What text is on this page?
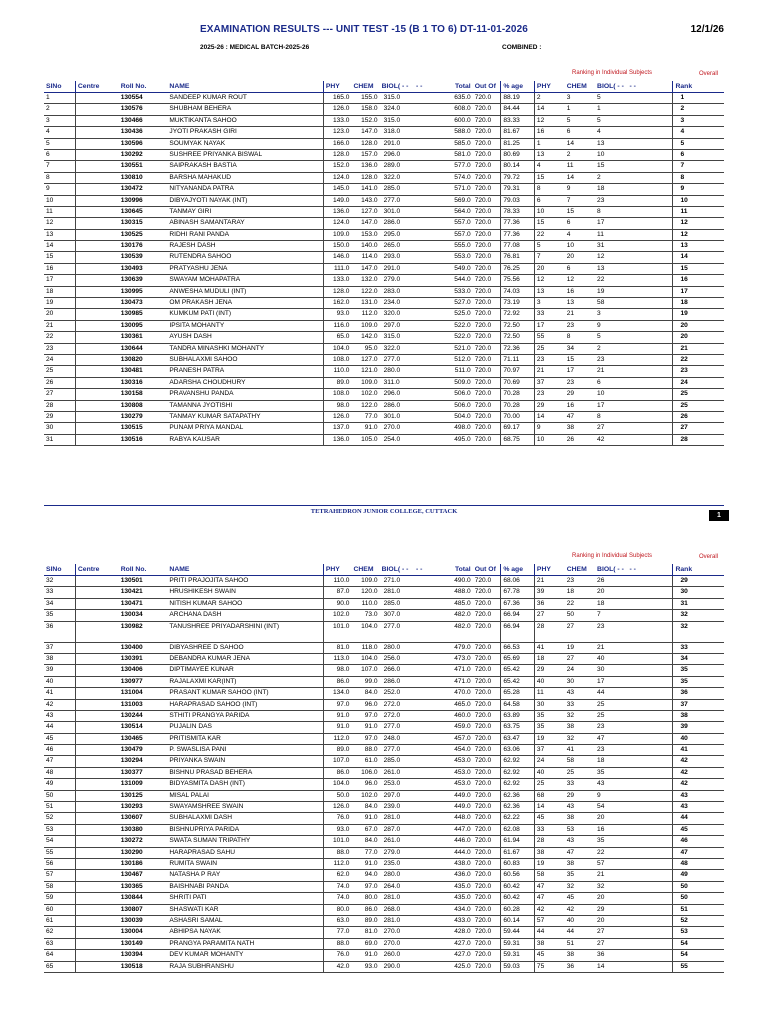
EXAMINATION RESULTS --- UNIT TEST -15 (B 1 TO 6) DT-11-01-2026	12/1/26
2025-26 : MEDICAL BATCH-2025-26	COMBINED :
Ranking in Individual Subjects	Overall
SlNo	Centre	Roll No.	NAME	PHY	CHEM	BIOL( - - - -	Total	Out Of	% age	PHY	CHEM	BIOL( - - - -	Rank
1		130554	SANDEEP KUMAR ROUT	165.0	155.0	315.0	635.0	720.0	88.19	2	3	5	1
2		130576	SHUBHAM BEHERA	126.0	158.0	324.0	608.0	720.0	84.44	14	1	1	2
3		130466	MUKTIKANTA SAHOO	133.0	152.0	315.0	600.0	720.0	83.33	12	5	5	3
4		130436	JYOTI PRAKASH GIRI	123.0	147.0	318.0	588.0	720.0	81.67	16	6	4	4
5		130596	SOUMYAK NAYAK	166.0	128.0	291.0	585.0	720.0	81.25	1	14	13	5
6		130292	SUSHREE PRIYANKA BISWAL	128.0	157.0	296.0	581.0	720.0	80.69	13	2	10	6
7		130551	SAIPRAKASH BASTIA	152.0	136.0	289.0	577.0	720.0	80.14	4	11	15	7
8		130810	BARSHA MAHAKUD	124.0	128.0	322.0	574.0	720.0	79.72	15	14	2	8
9		130472	NITYANANDA PATRA	145.0	141.0	285.0	571.0	720.0	79.31	8	9	18	9
10		130996	DIBYAJYOTI NAYAK (INT)	149.0	143.0	277.0	569.0	720.0	79.03	6	7	23	10
11		130645	TANMAY GIRI	136.0	127.0	301.0	564.0	720.0	78.33	10	15	8	11
12		130315	ABINASH SAMANTARAY	124.0	147.0	286.0	557.0	720.0	77.36	15	6	17	12
13		130525	RIDHI RANI PANDA	109.0	153.0	295.0	557.0	720.0	77.36	22	4	11	12
14		130176	RAJESH DASH	150.0	140.0	265.0	555.0	720.0	77.08	5	10	31	13
15		130539	RUTENDRA SAHOO	146.0	114.0	293.0	553.0	720.0	76.81	7	20	12	14
16		130493	PRATYASHU JENA	111.0	147.0	291.0	549.0	720.0	76.25	20	6	13	15
17		130639	SWAYAM MOHAPATRA	133.0	132.0	279.0	544.0	720.0	75.56	12	12	22	16
18		130995	ANWESHA MUDULI (INT)	128.0	122.0	283.0	533.0	720.0	74.03	13	16	19	17
19		130473	OM PRAKASH JENA	162.0	131.0	234.0	527.0	720.0	73.19	3	13	58	18
20		130985	KUMKUM PATI (INT)	93.0	112.0	320.0	525.0	720.0	72.92	33	21	3	19
21		130095	IPSITA MOHANTY	116.0	109.0	297.0	522.0	720.0	72.50	17	23	9	20
22		130361	AYUSH DASH	65.0	142.0	315.0	522.0	720.0	72.50	55	8	5	20
23		130644	TANDRA MINASHKI MOHANTY	104.0	95.0	322.0	521.0	720.0	72.36	25	34	2	21
24		130820	SUBHALAXMI SAHOO	108.0	127.0	277.0	512.0	720.0	71.11	23	15	23	22
25		130481	PRANESH PATRA	110.0	121.0	280.0	511.0	720.0	70.97	21	17	21	23
26		130316	ADARSHA CHOUDHURY	89.0	109.0	311.0	509.0	720.0	70.69	37	23	6	24
27		130158	PRAVANSHU PANDA	108.0	102.0	296.0	506.0	720.0	70.28	23	29	10	25
28		130808	TAMANNA JYOTISHI	98.0	122.0	286.0	506.0	720.0	70.28	29	16	17	25
29		130279	TANMAY KUMAR SATAPATHY	126.0	77.0	301.0	504.0	720.0	70.00	14	47	8	26
30		130515	PUNAM PRIYA MANDAL	137.0	91.0	270.0	498.0	720.0	69.17	9	38	27	27
31		130516	RABYA KAUSAR	136.0	105.0	254.0	495.0	720.0	68.75	10	26	42	28
TETRAHEDRON JUNIOR COLLEGE, CUTTACK
1
Ranking in Individual Subjects	Overall
SlNo	Centre	Roll No.	NAME	PHY	CHEM	BIOL( - - - -	Total	Out Of	% age	PHY	CHEM	BIOL( - - - -	Rank
32		130501	PRITI PRAJOJITA SAHOO	110.0	109.0	271.0	490.0	720.0	68.06	21	23	26	29
33		130421	HRUSHIKESH SWAIN	87.0	120.0	281.0	488.0	720.0	67.78	39	18	20	30
34		130471	NITISH KUMAR SAHOO	90.0	110.0	285.0	485.0	720.0	67.36	36	22	18	31
35		130034	ARCHANA DASH	102.0	73.0	307.0	482.0	720.0	66.94	27	50	7	32
36		130982	TANUSHREE PRIYADARSHINI (INT)	101.0	104.0	277.0	482.0	720.0	66.94	28	27	23	32
37		130400	DIBYASHREE D SAHOO	81.0	118.0	280.0	479.0	720.0	66.53	41	19	21	33
38		130391	DEBANDRA KUMAR JENA	113.0	104.0	256.0	473.0	720.0	65.69	18	27	40	34
39		130406	DIPTIMAYEE KUNAR	98.0	107.0	266.0	471.0	720.0	65.42	29	24	30	35
40		130977	RAJALAXMI KAR(INT)	86.0	99.0	286.0	471.0	720.0	65.42	40	30	17	35
41		131004	PRASANT KUMAR SAHOO (INT)	134.0	84.0	252.0	470.0	720.0	65.28	11	43	44	36
42		131003	HARAPRASAD SAHOO (INT)	97.0	96.0	272.0	465.0	720.0	64.58	30	33	25	37
43		130244	STHITI PRANGYA PARIDA	91.0	97.0	272.0	460.0	720.0	63.89	35	32	25	38
44		130514	PUJALIN DAS	91.0	91.0	277.0	459.0	720.0	63.75	35	38	23	39
45		130465	PRITISMITA KAR	112.0	97.0	248.0	457.0	720.0	63.47	19	32	47	40
46		130479	P. SWASLISA PANI	89.0	88.0	277.0	454.0	720.0	63.06	37	41	23	41
47		130294	PRIYANKA SWAIN	107.0	61.0	285.0	453.0	720.0	62.92	24	58	18	42
48		130377	BISHNU PRASAD BEHERA	86.0	106.0	261.0	453.0	720.0	62.92	40	25	35	42
49		131009	BIDYASMITA DASH (INT)	104.0	96.0	253.0	453.0	720.0	62.92	25	33	43	42
50		130125	MISAL PALAI	50.0	102.0	297.0	449.0	720.0	62.36	68	29	9	43
51		130293	SWAYAMSHREE SWAIN	126.0	84.0	239.0	449.0	720.0	62.36	14	43	54	43
52		130607	SUBHALAXMI DASH	76.0	91.0	281.0	448.0	720.0	62.22	45	38	20	44
53		130380	BISHNUPRIYA PARIDA	93.0	67.0	287.0	447.0	720.0	62.08	33	53	16	45
54		130272	SWATA SUMAN TRIPATHY	101.0	84.0	261.0	446.0	720.0	61.94	28	43	35	46
55		130290	HARAPRASAD SAHU	88.0	77.0	279.0	444.0	720.0	61.67	38	47	22	47
56		130186	RUMITA SWAIN	112.0	91.0	235.0	438.0	720.0	60.83	19	38	57	48
57		130467	NATASHA P RAY	62.0	94.0	280.0	436.0	720.0	60.56	58	35	21	49
58		130365	BAISHNABI PANDA	74.0	97.0	264.0	435.0	720.0	60.42	47	32	32	50
59		130844	SHRITI PATI	74.0	80.0	281.0	435.0	720.0	60.42	47	45	20	50
60		130807	SHASWATI KAR	80.0	86.0	268.0	434.0	720.0	60.28	42	42	29	51
61		130039	ASHASRI SAMAL	63.0	89.0	281.0	433.0	720.0	60.14	57	40	20	52
62		130004	ABHIPSA NAYAK	77.0	81.0	270.0	428.0	720.0	59.44	44	44	27	53
63		130149	PRANGYA PARAMITA NATH	88.0	69.0	270.0	427.0	720.0	59.31	38	51	27	54
64		130394	DEV KUMAR MOHANTY	76.0	91.0	260.0	427.0	720.0	59.31	45	38	36	54
65		130518	RAJA SUBHRANSHU	42.0	93.0	290.0	425.0	720.0	59.03	75	36	14	55
